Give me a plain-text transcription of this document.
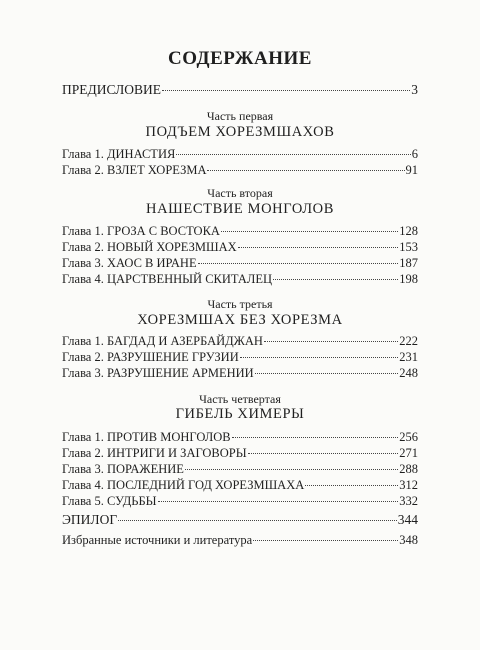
СОДЕРЖАНИЕ
ПРЕДИСЛОВИЕ	3
Часть первая
ПОДЪЕМ ХОРЕЗМШАХОВ
Глава 1. ДИНАСТИЯ	6
Глава 2. ВЗЛЕТ ХОРЕЗМА	91
Часть вторая
НАШЕСТВИЕ МОНГОЛОВ
Глава 1. ГРОЗА С ВОСТОКА	128
Глава 2. НОВЫЙ ХОРЕЗМШАХ	153
Глава 3. ХАОС В ИРАНЕ	187
Глава 4. ЦАРСТВЕННЫЙ СКИТАЛЕЦ	198
Часть третья
ХОРЕЗМШАХ БЕЗ ХОРЕЗМА
Глава 1. БАГДАД И АЗЕРБАЙДЖАН	222
Глава 2. РАЗРУШЕНИЕ ГРУЗИИ	231
Глава 3. РАЗРУШЕНИЕ АРМЕНИИ	248
Часть четвертая
ГИБЕЛЬ ХИМЕРЫ
Глава 1. ПРОТИВ МОНГОЛОВ	256
Глава 2. ИНТРИГИ И ЗАГОВОРЫ	271
Глава 3. ПОРАЖЕНИЕ	288
Глава 4. ПОСЛЕДНИЙ ГОД ХОРЕЗМШАХА	312
Глава 5. СУДЬБЫ	332
ЭПИЛОГ	344
Избранные источники и литература	348
